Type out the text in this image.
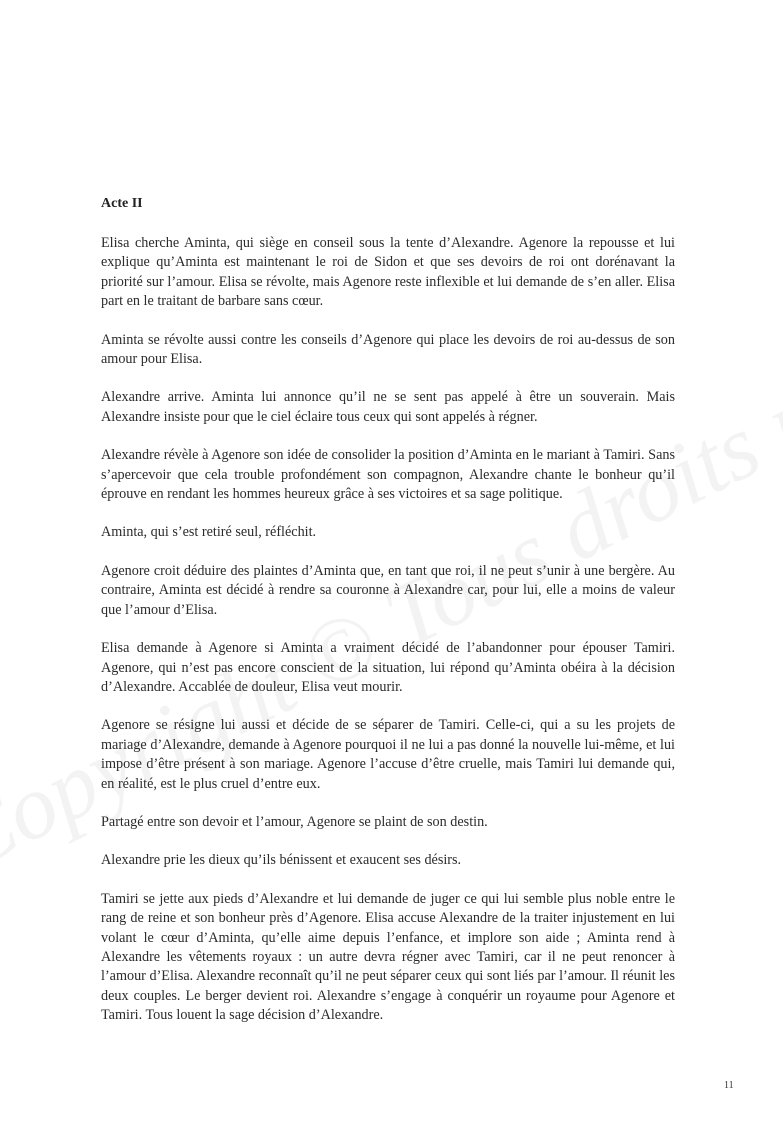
Acte II

Elisa cherche Aminta, qui siège en conseil sous la tente d’Alexandre. Agenore la repousse et lui explique qu’Aminta est maintenant le roi de Sidon et que ses devoirs de roi ont dorénavant la priorité sur l’amour. Elisa se révolte, mais Agenore reste inflexible et lui demande de s’en aller. Elisa part en le traitant de barbare sans cœur.

Aminta se révolte aussi contre les conseils d’Agenore qui place les devoirs de roi au-dessus de son amour pour Elisa.

Alexandre arrive. Aminta lui annonce qu’il ne se sent pas appelé à être un souverain. Mais Alexandre insiste pour que le ciel éclaire tous ceux qui sont appelés à régner.

Alexandre révèle à Agenore son idée de consolider la position d’Aminta en le mariant à Tamiri. Sans s’apercevoir que cela trouble profondément son compagnon, Alexandre chante le bonheur qu’il éprouve en rendant les hommes heureux grâce à ses victoires et sa sage politique.

Aminta, qui s’est retiré seul, réfléchit.

Agenore croit déduire des plaintes d’Aminta que, en tant que roi, il ne peut s’unir à une bergère. Au contraire, Aminta est décidé à rendre sa couronne à Alexandre car, pour lui, elle a moins de valeur que l’amour d’Elisa.

Elisa demande à Agenore si Aminta a vraiment décidé de l’abandonner pour épouser Tamiri. Agenore, qui n’est pas encore conscient de la situation, lui répond qu’Aminta obéira à la décision d’Alexandre. Accablée de douleur, Elisa veut mourir.

Agenore se résigne lui aussi et décide de se séparer de Tamiri. Celle-ci, qui a su les projets de mariage d’Alexandre, demande à Agenore pourquoi il ne lui a pas donné la nouvelle lui-même, et lui impose d’être présent à son mariage. Agenore l’accuse d’être cruelle, mais Tamiri lui demande qui, en réalité, est le plus cruel d’entre eux.

Partagé entre son devoir et l’amour, Agenore se plaint de son destin.

Alexandre prie les dieux qu’ils bénissent et exaucent ses désirs.

Tamiri se jette aux pieds d’Alexandre et lui demande de juger ce qui lui semble plus noble entre le rang de reine et son bonheur près d’Agenore. Elisa accuse Alexandre de la traiter injustement en lui volant le cœur d’Aminta, qu’elle aime depuis l’enfance, et implore son aide ; Aminta rend à Alexandre les vêtements royaux : un autre devra régner avec Tamiri, car il ne peut renoncer à l’amour d’Elisa. Alexandre reconnaît qu’il ne peut séparer ceux qui sont liés par l’amour. Il réunit les deux couples. Le berger devient roi. Alexandre s’engage à conquérir un royaume pour Agenore et Tamiri. Tous louent la sage décision d’Alexandre.

11
